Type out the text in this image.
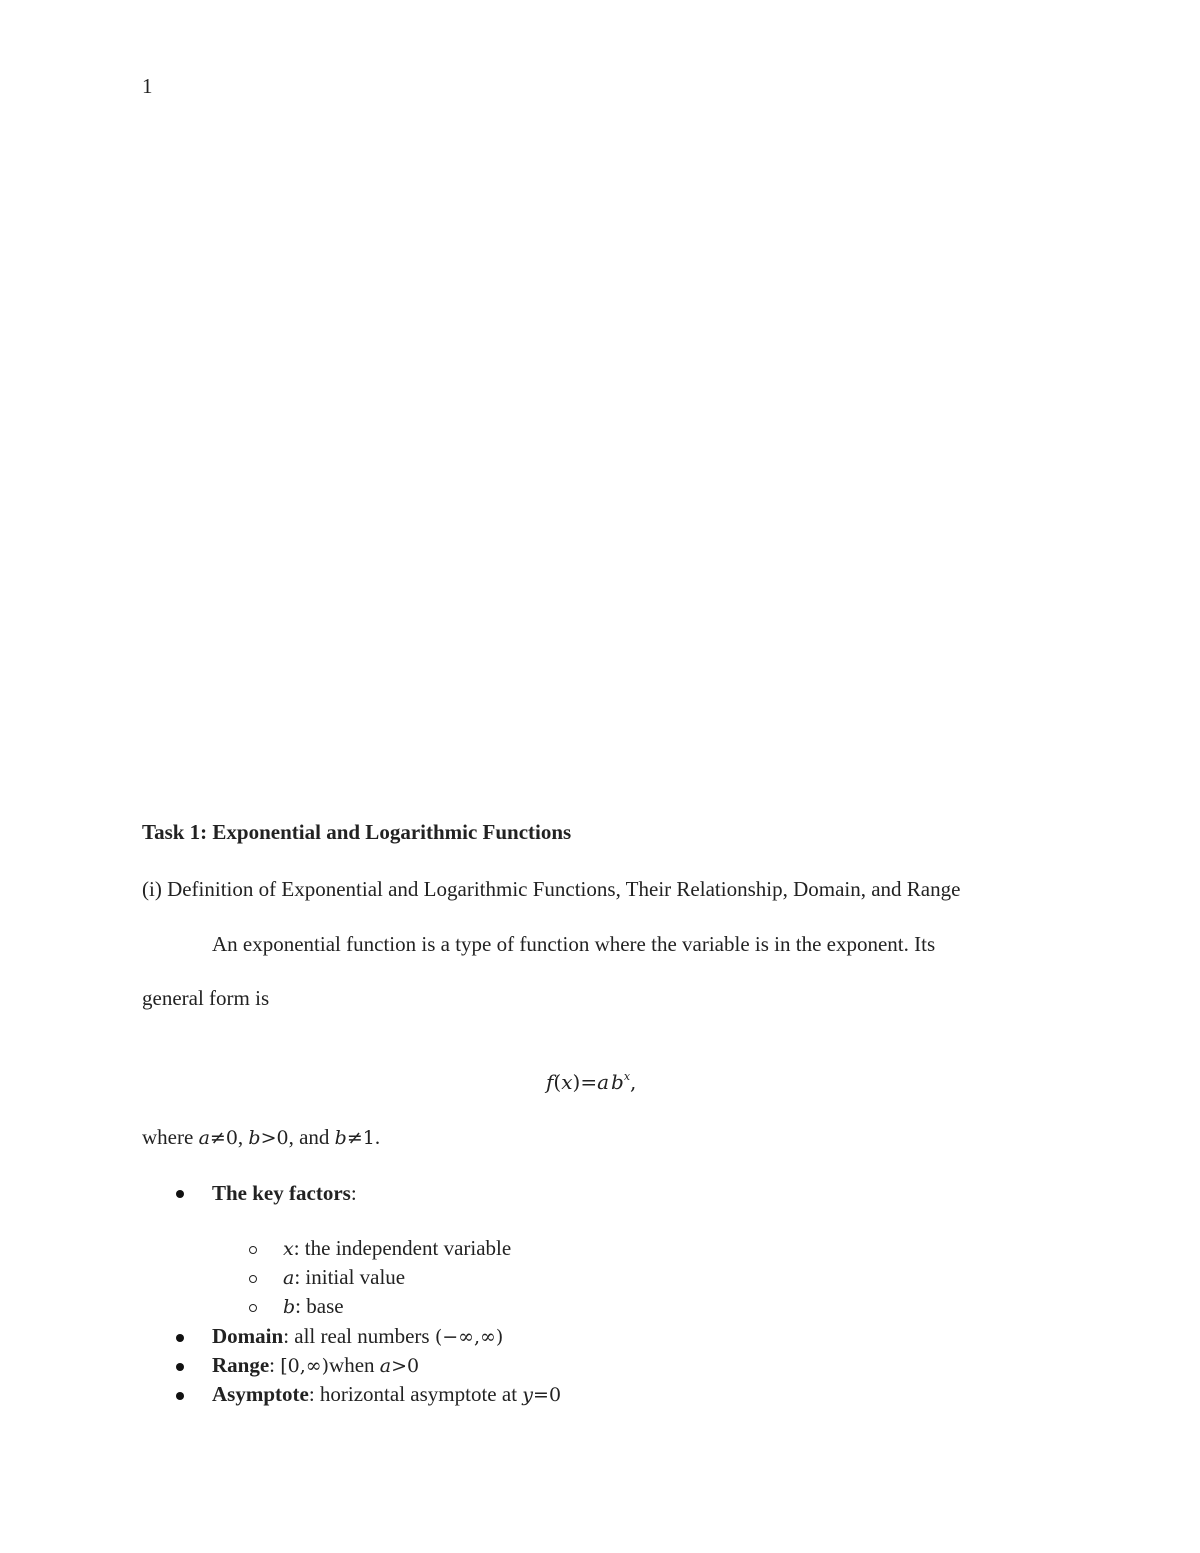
1
Task 1: Exponential and Logarithmic Functions
(i) Definition of Exponential and Logarithmic Functions, Their Relationship, Domain, and Range
An exponential function is a type of function where the variable is in the exponent. Its
general form is
f(x)=a  $b^x$,
where a≠0, b>0, and b≠1.
The key factors:
x: the independent variable
a: initial value
b: base
Domain: all real numbers (−∞,∞)
Range: [0,∞)when a>0
Asymptote: horizontal asymptote at y=0
